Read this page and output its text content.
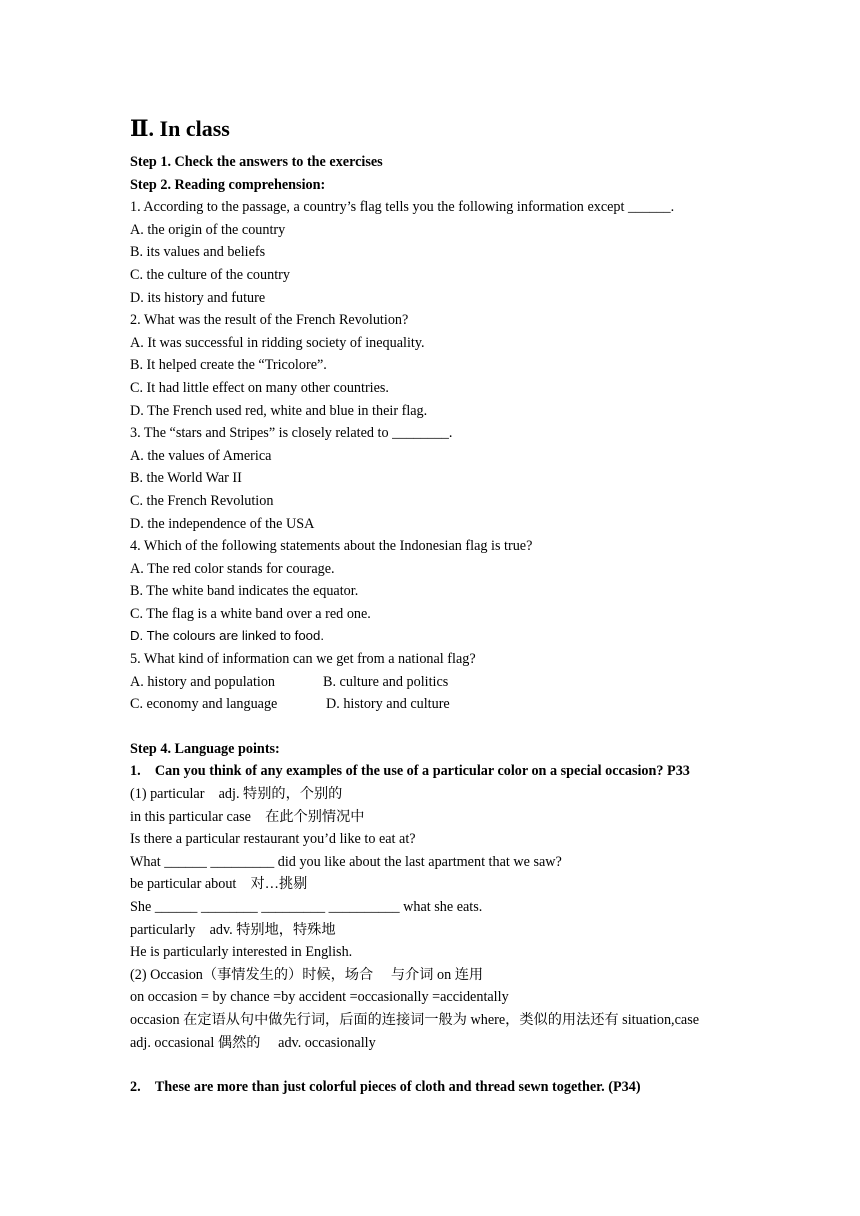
Ⅱ. In class
Step 1. Check the answers to the exercises
Step 2. Reading comprehension:
1. According to the passage, a country’s flag tells you the following information except ______.
A. the origin of the country
B. its values and beliefs
C. the culture of the country
D. its history and future
2. What was the result of the French Revolution?
A. It was successful in ridding society of inequality.
B. It helped create the “Tricolore”.
C. It had little effect on many other countries.
D. The French used red, white and blue in their flag.
3. The “stars and Stripes” is closely related to ________.
A. the values of America
B. the World War II
C. the French Revolution
D. the independence of the USA
4. Which of the following statements about the Indonesian flag is true?
A. The red color stands for courage.
B. The white band indicates the equator.
C. The flag is a white band over a red one.
D. The colours are linked to food.
5. What kind of information can we get from a national flag?
A. history and population	B. culture and politics
C. economy and language	D. history and culture
Step 4. Language points:
1.　Can you think of any examples of the use of a particular color on a special occasion? P33
(1) particular　adj. 特别的，个别的
in this particular case　在此个别情况中
Is there a particular restaurant you’d like to eat at?
What ______ _________ did you like about the last apartment that we saw?
be particular about　对…挑剔
She ______ ________ _________ __________ what she eats.
particularly　adv. 特别地，特殊地
He is particularly interested in English.
(2) Occasion（事情发生的）时候，场合　 与介词 on 连用
on occasion = by chance =by accident =occasionally =accidentally
occasion 在定语从句中做先行词，后面的连接词一般为 where，类似的用法还有 situation,case
adj. occasional 偶然的　 adv. occasionally
2.　These are more than just colorful pieces of cloth and thread sewn together. (P34)
